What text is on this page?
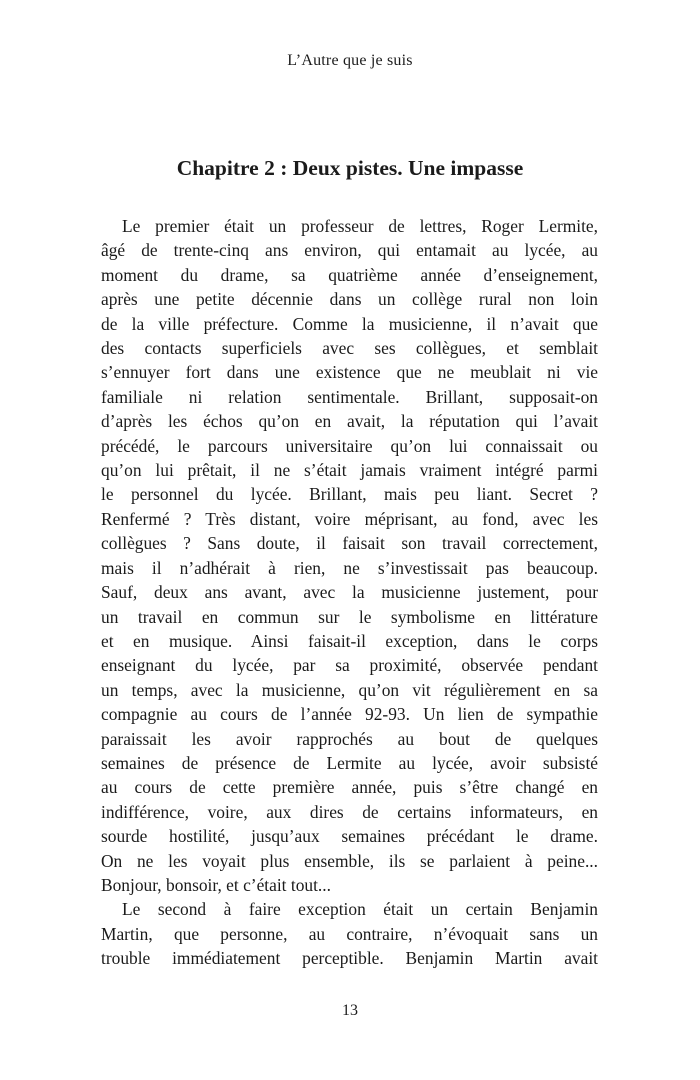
L’Autre que je suis
Chapitre 2 : Deux pistes. Une impasse
Le premier était un professeur de lettres, Roger Lermite,
âgé de trente-cinq ans environ, qui entamait au lycée, au
moment du drame, sa quatrième année d’enseignement,
après une petite décennie dans un collège rural non loin
de la ville préfecture. Comme la musicienne, il n’avait que
des contacts superficiels avec ses collègues, et semblait
s’ennuyer fort dans une existence que ne meublait ni vie
familiale ni relation sentimentale. Brillant, supposait-on
d’après les échos qu’on en avait, la réputation qui l’avait
précédé, le parcours universitaire qu’on lui connaissait ou
qu’on lui prêtait, il ne s’était jamais vraiment intégré parmi
le personnel du lycée. Brillant, mais peu liant. Secret ?
Renfermé ? Très distant, voire méprisant, au fond, avec les
collègues ? Sans doute, il faisait son travail correctement,
mais il n’adhérait à rien, ne s’investissait pas beaucoup.
Sauf, deux ans avant, avec la musicienne justement, pour
un travail en commun sur le symbolisme en littérature
et en musique. Ainsi faisait-il exception, dans le corps
enseignant du lycée, par sa proximité, observée pendant
un temps, avec la musicienne, qu’on vit régulièrement en sa
compagnie au cours de l’année 92-93. Un lien de sympathie
paraissait les avoir rapprochés au bout de quelques
semaines de présence de Lermite au lycée, avoir subsisté
au cours de cette première année, puis s’être changé en
indifférence, voire, aux dires de certains informateurs, en
sourde hostilité, jusqu’aux semaines précédant le drame.
On ne les voyait plus ensemble, ils se parlaient à peine...
Bonjour, bonsoir, et c’était tout...
Le second à faire exception était un certain Benjamin
Martin, que personne, au contraire, n’évoquait sans un
trouble immédiatement perceptible. Benjamin Martin avait
13
